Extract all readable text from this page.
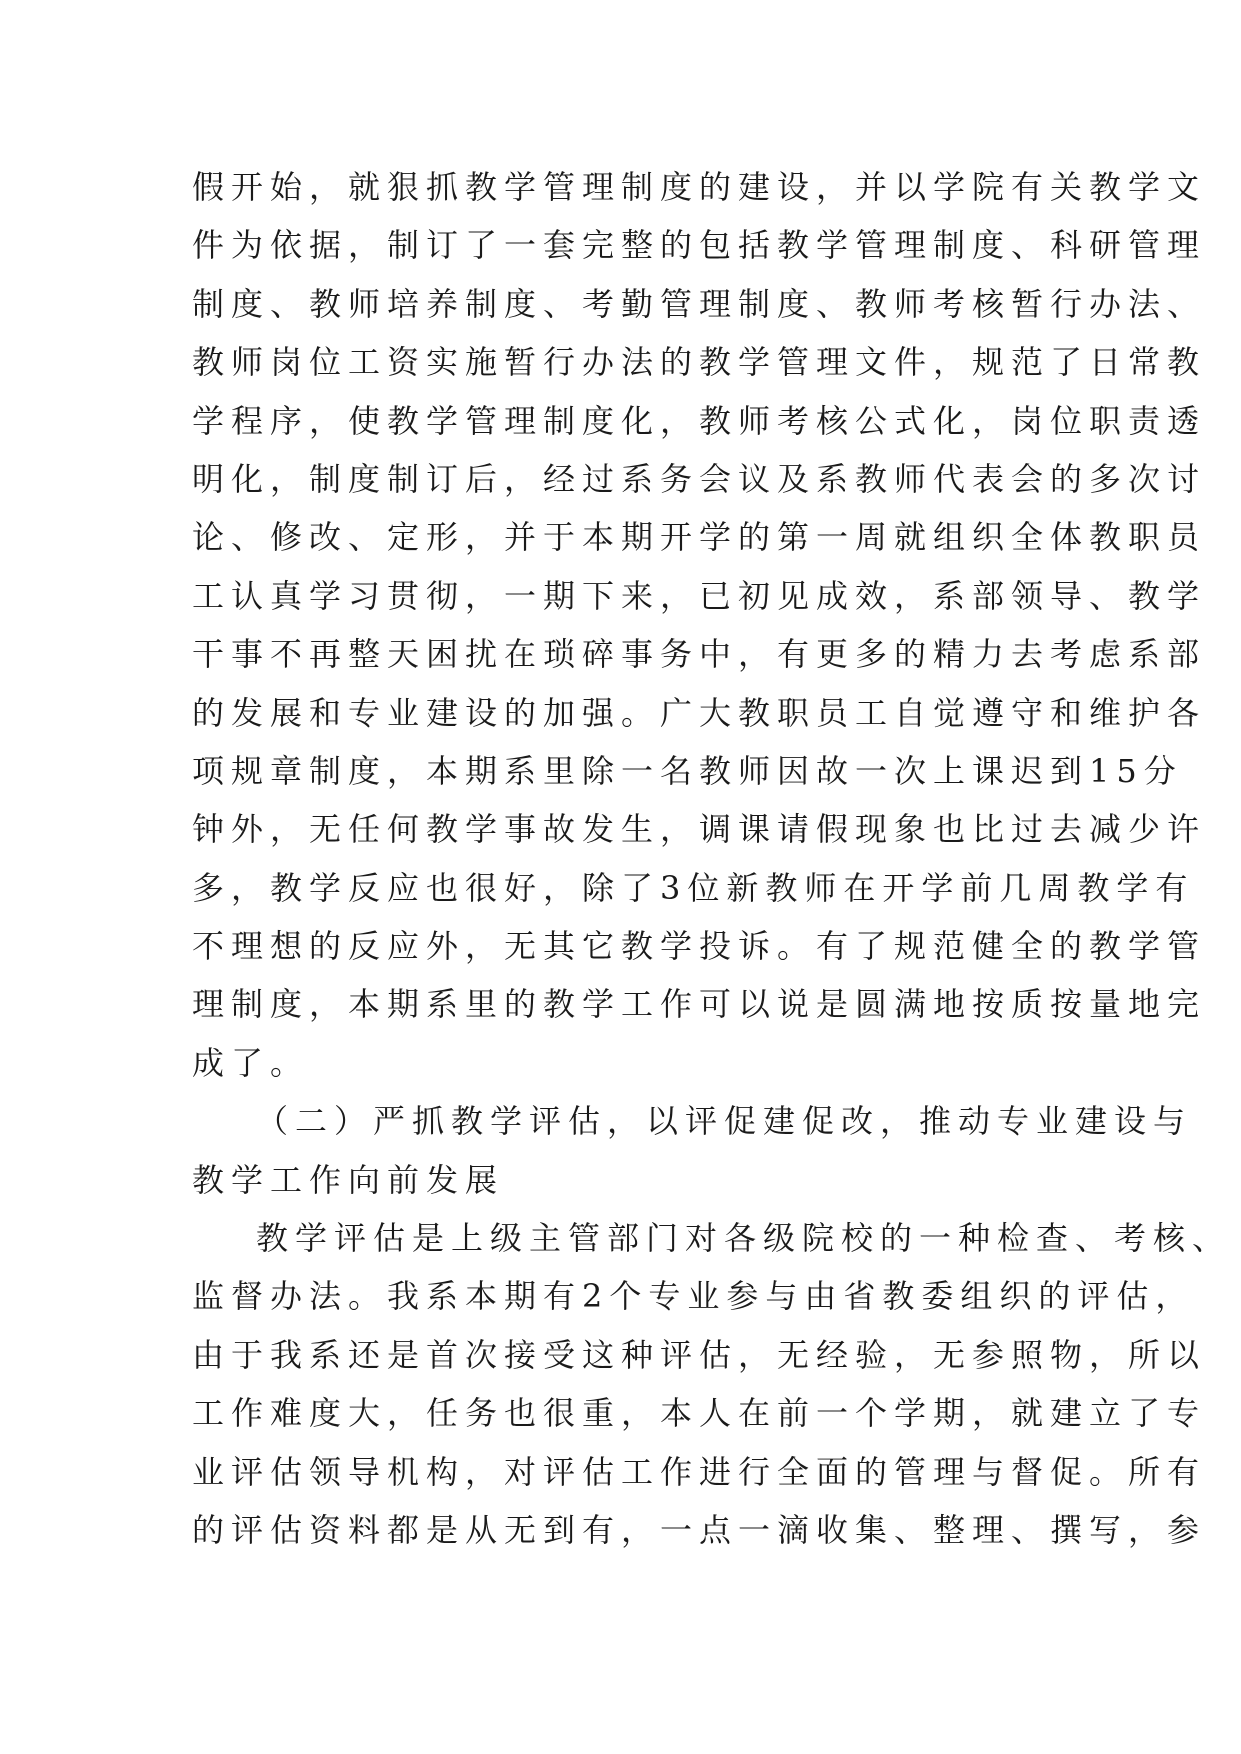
假开始，就狠抓教学管理制度的建设，并以学院有关教学文
件为依据，制订了一套完整的包括教学管理制度、科研管理
制度、教师培养制度、考勤管理制度、教师考核暂行办法、
教师岗位工资实施暂行办法的教学管理文件，规范了日常教
学程序，使教学管理制度化，教师考核公式化，岗位职责透
明化，制度制订后，经过系务会议及系教师代表会的多次讨
论、修改、定形，并于本期开学的第一周就组织全体教职员
工认真学习贯彻，一期下来，已初见成效，系部领导、教学
干事不再整天困扰在琐碎事务中，有更多的精力去考虑系部
的发展和专业建设的加强。广大教职员工自觉遵守和维护各
项规章制度，本期系里除一名教师因故一次上课迟到15分
钟外，无任何教学事故发生，调课请假现象也比过去减少许
多，教学反应也很好，除了3位新教师在开学前几周教学有
不理想的反应外，无其它教学投诉。有了规范健全的教学管
理制度，本期系里的教学工作可以说是圆满地按质按量地完
成了。
（二）严抓教学评估，以评促建促改，推动专业建设与
教学工作向前发展
教学评估是上级主管部门对各级院校的一种检查、考核、
监督办法。我系本期有2个专业参与由省教委组织的评估，
由于我系还是首次接受这种评估，无经验，无参照物，所以
工作难度大，任务也很重，本人在前一个学期，就建立了专
业评估领导机构，对评估工作进行全面的管理与督促。所有
的评估资料都是从无到有，一点一滴收集、整理、撰写，参
